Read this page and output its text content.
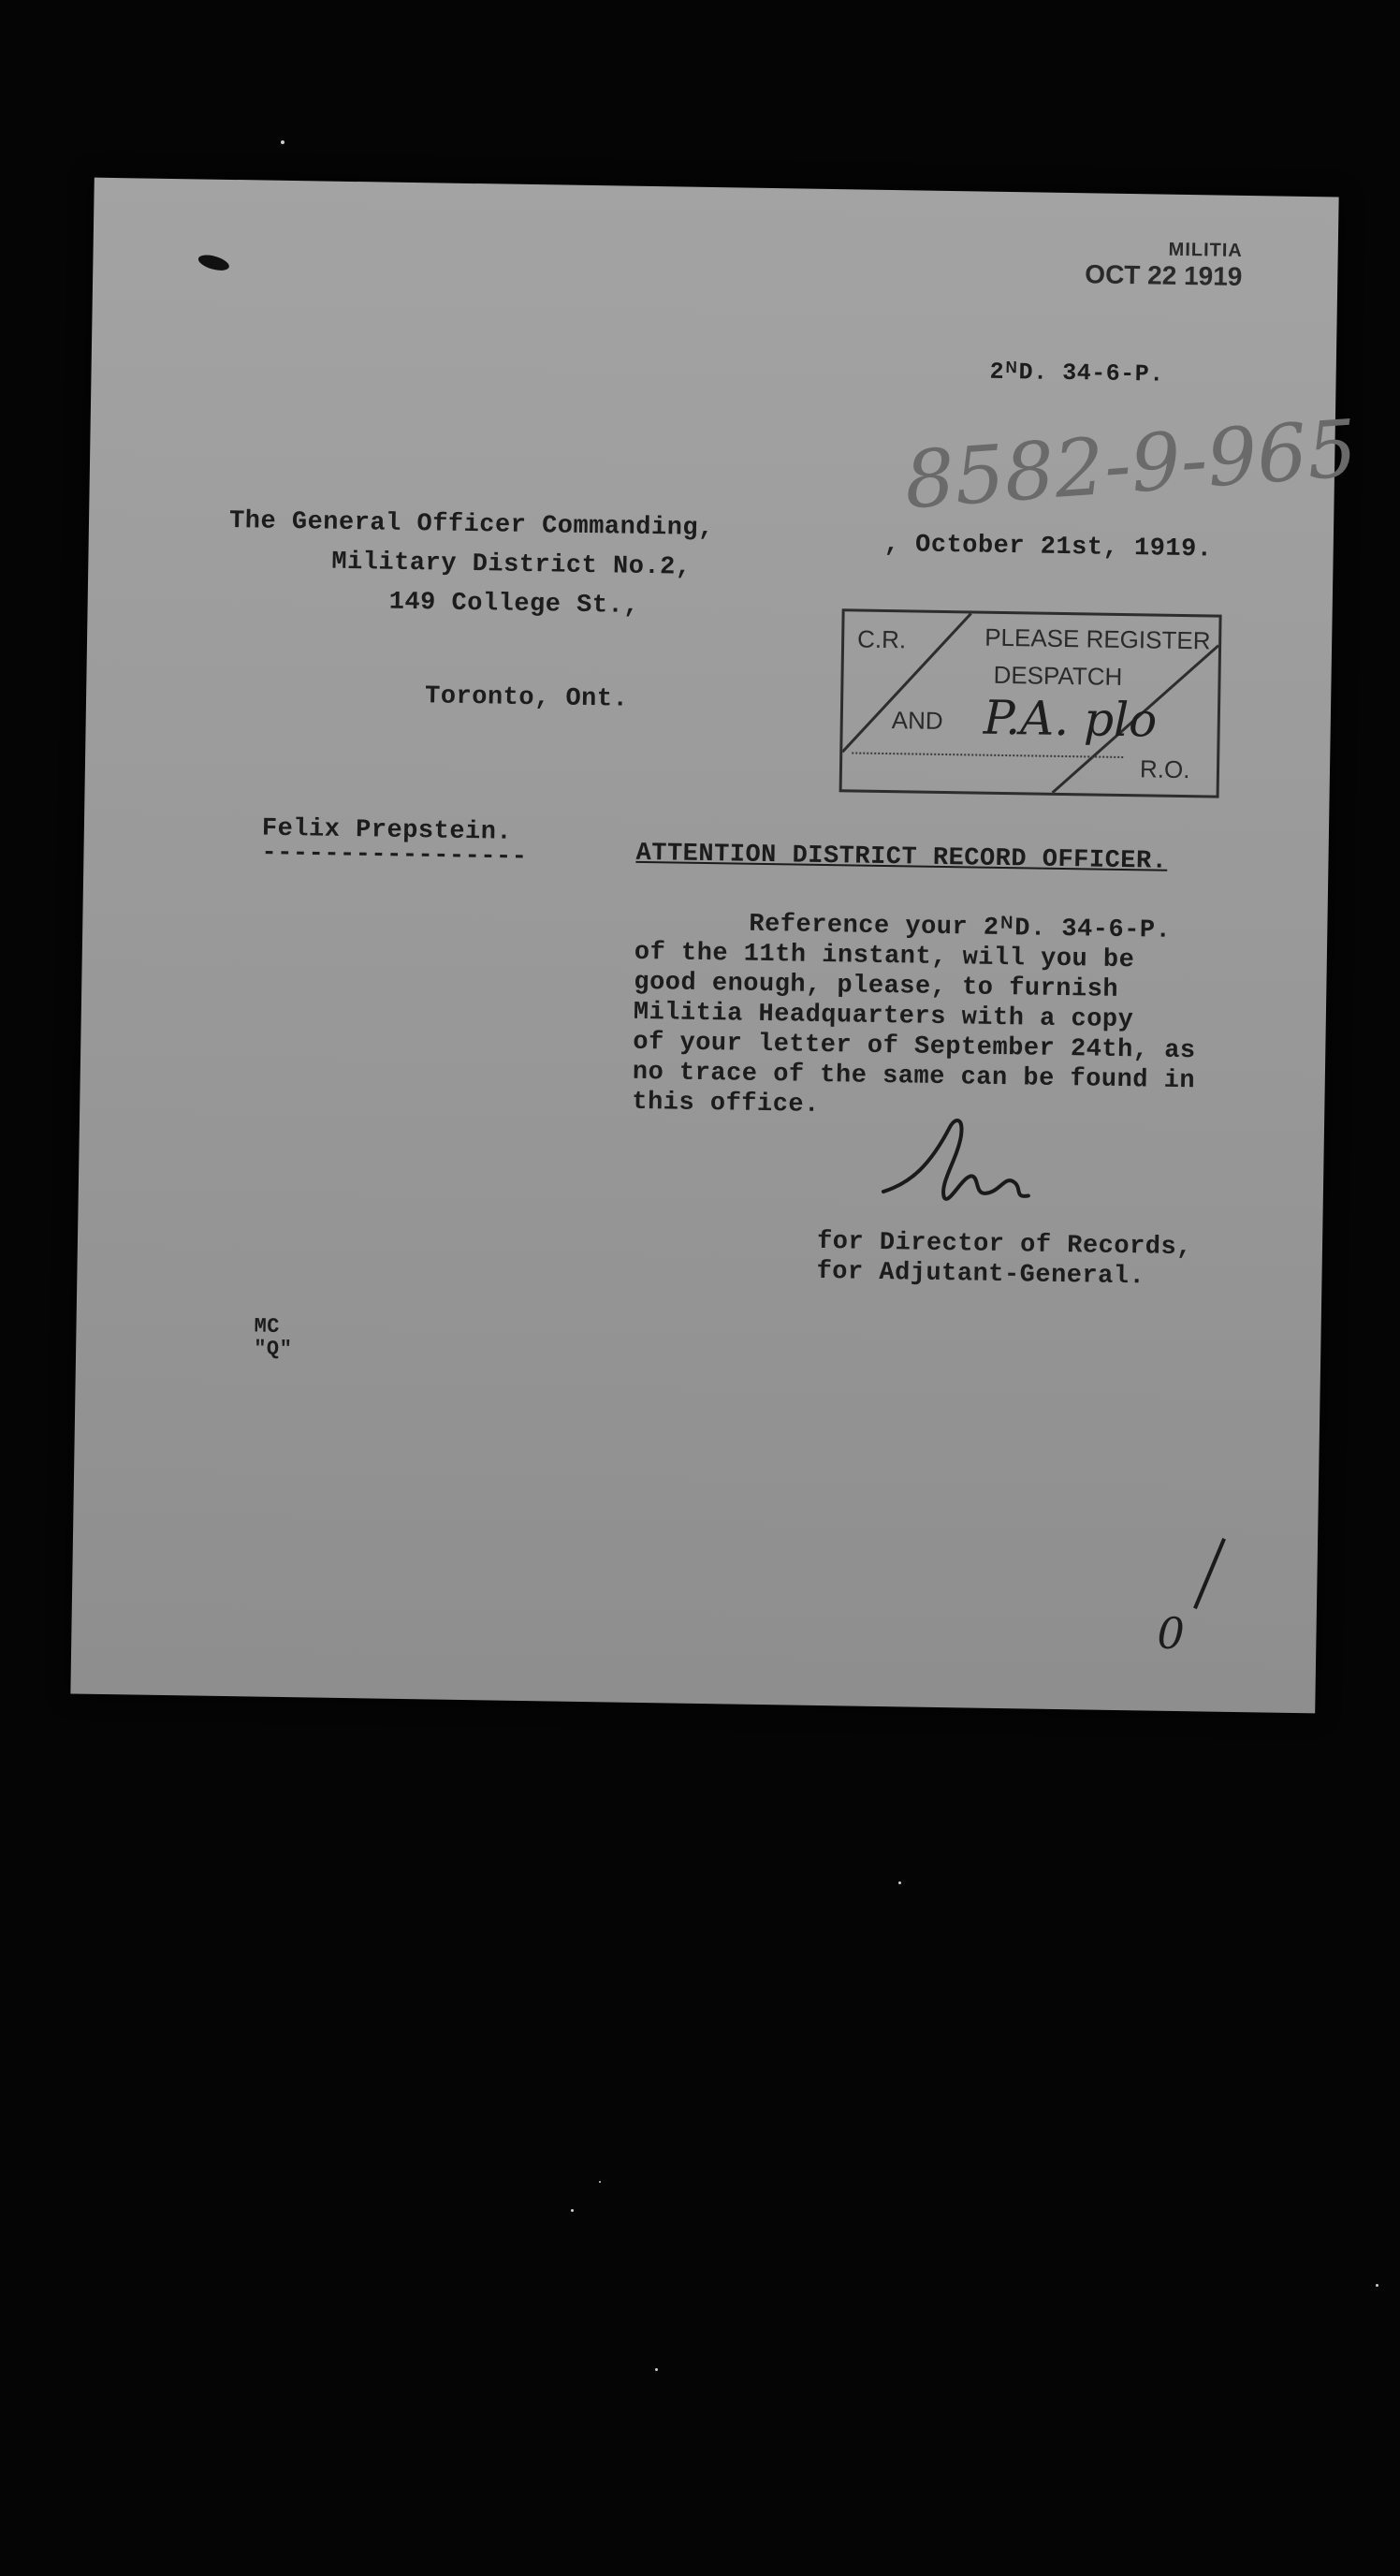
MILITIA
OCT 22 1919
2ᴺD. 34-6-P.
8582-9-965
The General Officer Commanding,
Military District No.2,
149 College St.,
Toronto, Ont.
, October 21st, 1919.
C.R.	PLEASE REGISTER
DESPATCH
AND
R.O.
P.A. plo
Felix Prepstein.
-----------------	ATTENTION DISTRICT RECORD OFFICER.
Reference your 2ᴺD. 34-6-P.
of the 11th instant, will you be
good enough, please, to furnish
Militia Headquarters with a copy
of your letter of September 24th, as
no trace of the same can be found in
this office.
for Director of Records,
for Adjutant-General.
MC
"Q"
0
